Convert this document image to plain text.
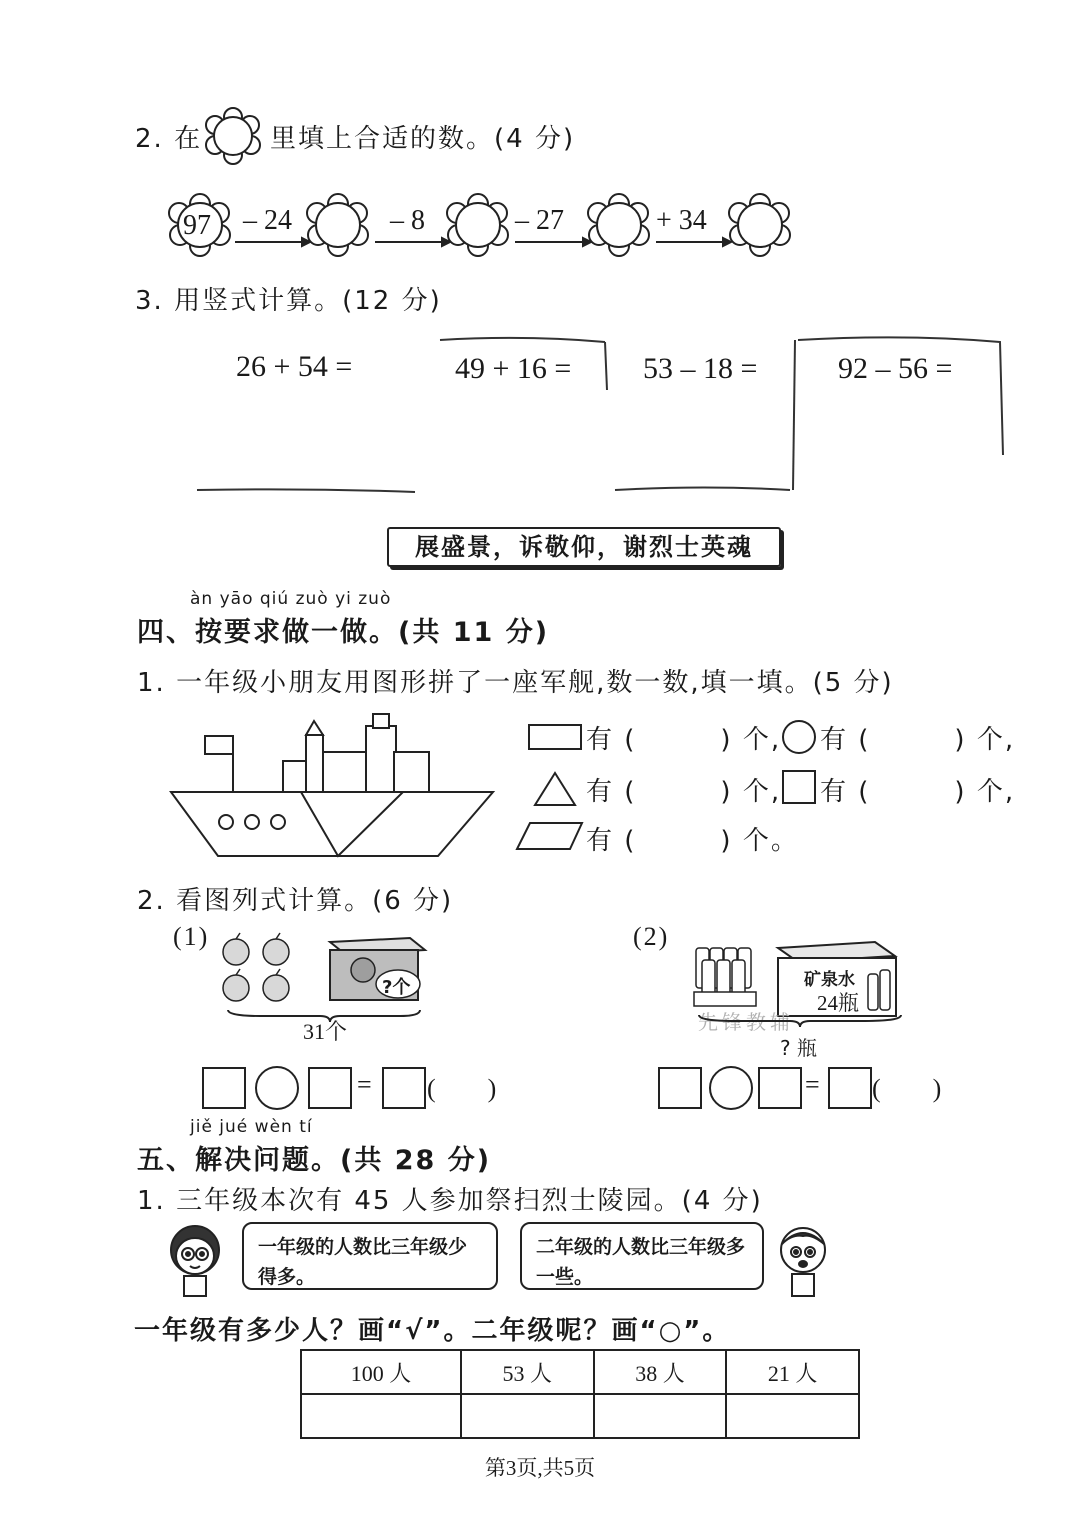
2. 在	里填上合适的数。(4 分)
97 – 24	– 8	– 27	+ 34
3. 用竖式计算。(12 分)
26 + 54 =	49 + 16 = 53 – 18 =	92 – 56 =
展盛景，诉敬仰，谢烈士英魂
àn yāo qiú zuò yi zuò
四、按要求做一做。(共 11 分)
1. 一年级小朋友用图形拼了一座军舰,数一数,填一填。(5 分)
有 (　　　) 个, 有 (　　　) 个,
有 (　　　) 个, 有 (　　　) 个,
有 (　　　) 个。
2. 看图列式计算。(6 分)
(1)
?个
31个
(2)
矿泉水
24瓶
先锋教辅
? 瓶
= (　　)	= (　　)
jiě jué wèn tí
五、解决问题。(共 28 分)
1. 三年级本次有 45 人参加祭扫烈士陵园。(4 分)
一年级的人数比三年级少得多。
二年级的人数比三年级多一些。
一年级有多少人？画“√”。二年级呢？画“○”。
100 人	53 人	38 人	21 人

第3页,共5页
